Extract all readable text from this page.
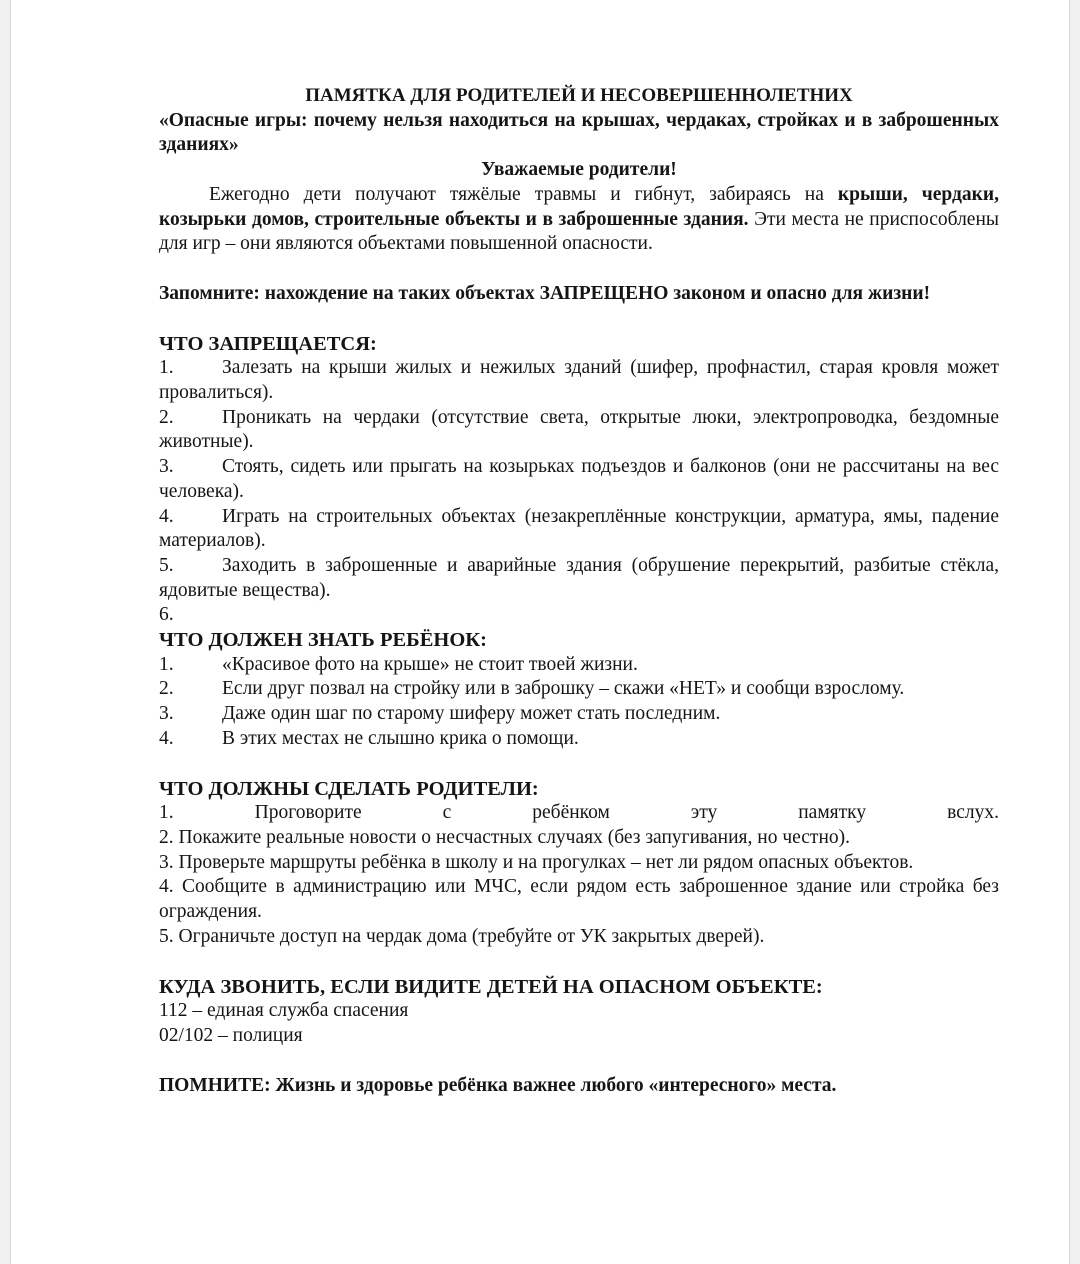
ПАМЯТКА ДЛЯ РОДИТЕЛЕЙ И НЕСОВЕРШЕННОЛЕТНИХ

«Опасные игры: почему нельзя находиться на крышах, чердаках, стройках и в заброшенных зданиях»

Уважаемые родители!

Ежегодно дети получают тяжёлые травмы и гибнут, забираясь на крыши, чердаки, козырьки домов, строительные объекты и в заброшенные здания. Эти места не приспособлены для игр – они являются объектами повышенной опасности.

Запомните: нахождение на таких объектах ЗАПРЕЩЕНО законом и опасно для жизни!

ЧТО ЗАПРЕЩАЕТСЯ:

1. Залезать на крыши жилых и нежилых зданий (шифер, профнастил, старая кровля может провалиться).
2. Проникать на чердаки (отсутствие света, открытые люки, электропроводка, бездомные животные).
3. Стоять, сидеть или прыгать на козырьках подъездов и балконов (они не рассчитаны на вес человека).
4. Играть на строительных объектах (незакреплённые конструкции, арматура, ямы, падение материалов).
5. Заходить в заброшенные и аварийные здания (обрушение перекрытий, разбитые стёкла, ядовитые вещества).
6.

ЧТО ДОЛЖЕН ЗНАТЬ РЕБЁНОК:

1. «Красивое фото на крыше» не стоит твоей жизни.
2. Если друг позвал на стройку или в заброшку – скажи «НЕТ» и сообщи взрослому.
3. Даже один шаг по старому шиферу может стать последним.
4. В этих местах не слышно крика о помощи.

ЧТО ДОЛЖНЫ СДЕЛАТЬ РОДИТЕЛИ:

1.	Проговорите	с	ребёнком	эту	памятку	вслух.

2. Покажите реальные новости о несчастных случаях (без запугивания, но честно).

3. Проверьте маршруты ребёнка в школу и на прогулках – нет ли рядом опасных объектов.

4. Сообщите в администрацию или МЧС, если рядом есть заброшенное здание или стройка без ограждения.

5. Ограничьте доступ на чердак дома (требуйте от УК закрытых дверей).

КУДА ЗВОНИТЬ, ЕСЛИ ВИДИТЕ ДЕТЕЙ НА ОПАСНОМ ОБЪЕКТЕ:

112 – единая служба спасения

02/102 – полиция

ПОМНИТЕ: Жизнь и здоровье ребёнка важнее любого «интересного» места.
